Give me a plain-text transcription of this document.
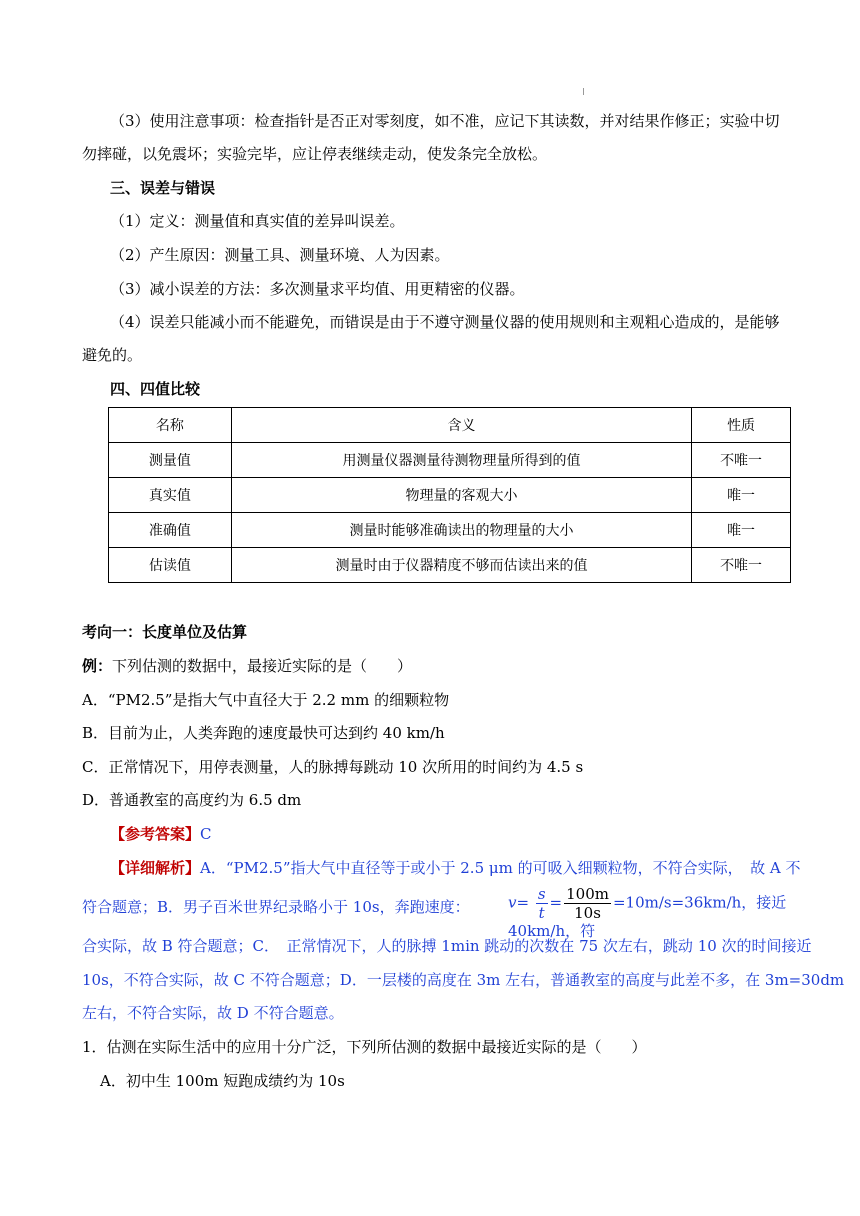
（3）使用注意事项：检查指针是否正对零刻度，如不准，应记下其读数，并对结果作修正；实验中切
勿摔碰，以免震坏；实验完毕，应让停表继续走动，使发条完全放松。
三、误差与错误
（1）定义：测量值和真实值的差异叫误差。
（2）产生原因：测量工具、测量环境、人为因素。
（3）减小误差的方法：多次测量求平均值、用更精密的仪器。
（4）误差只能减小而不能避免，而错误是由于不遵守测量仪器的使用规则和主观粗心造成的，是能够
避免的。
四、四值比较
名称	含义	性质
测量值	用测量仪器测量待测物理量所得到的值	不唯一
真实值	物理量的客观大小	唯一
准确值	测量时能够准确读出的物理量的大小	唯一
估读值	测量时由于仪器精度不够而估读出来的值	不唯一
考向一：长度单位及估算
例：下列估测的数据中，最接近实际的是（　　）
A．“PM2.5”是指大气中直径大于 2.2 mm 的细颗粒物
B．目前为止，人类奔跑的速度最快可达到约 40 km/h
C．正常情况下，用停表测量，人的脉搏每跳动 10 次所用的时间约为 4.5 s
D．普通教室的高度约为 6.5 dm
【参考答案】C
【详细解析】A．“PM2.5”指大气中直径等于或小于 2.5 μm 的可吸入细颗粒物，不符合实际，　故 A 不
符合题意；B．男子百米世界纪录略小于 10s，奔跑速度：	$v= \frac{s}{t} = \frac{100m}{10s} =10m/s=36km/h$，接近 40km/h，符
合实际，故 B 符合题意；C．　正常情况下，人的脉搏 1min 跳动的次数在 75 次左右，跳动 10 次的时间接近
10s，不符合实际，故 C 不符合题意；D．一层楼的高度在 3m 左右，普通教室的高度与此差不多，在 3m=30dm
左右，不符合实际，故 D 不符合题意。
1．估测在实际生活中的应用十分广泛，下列所估测的数据中最接近实际的是（　　）
A．初中生 100m 短跑成绩约为 10s
